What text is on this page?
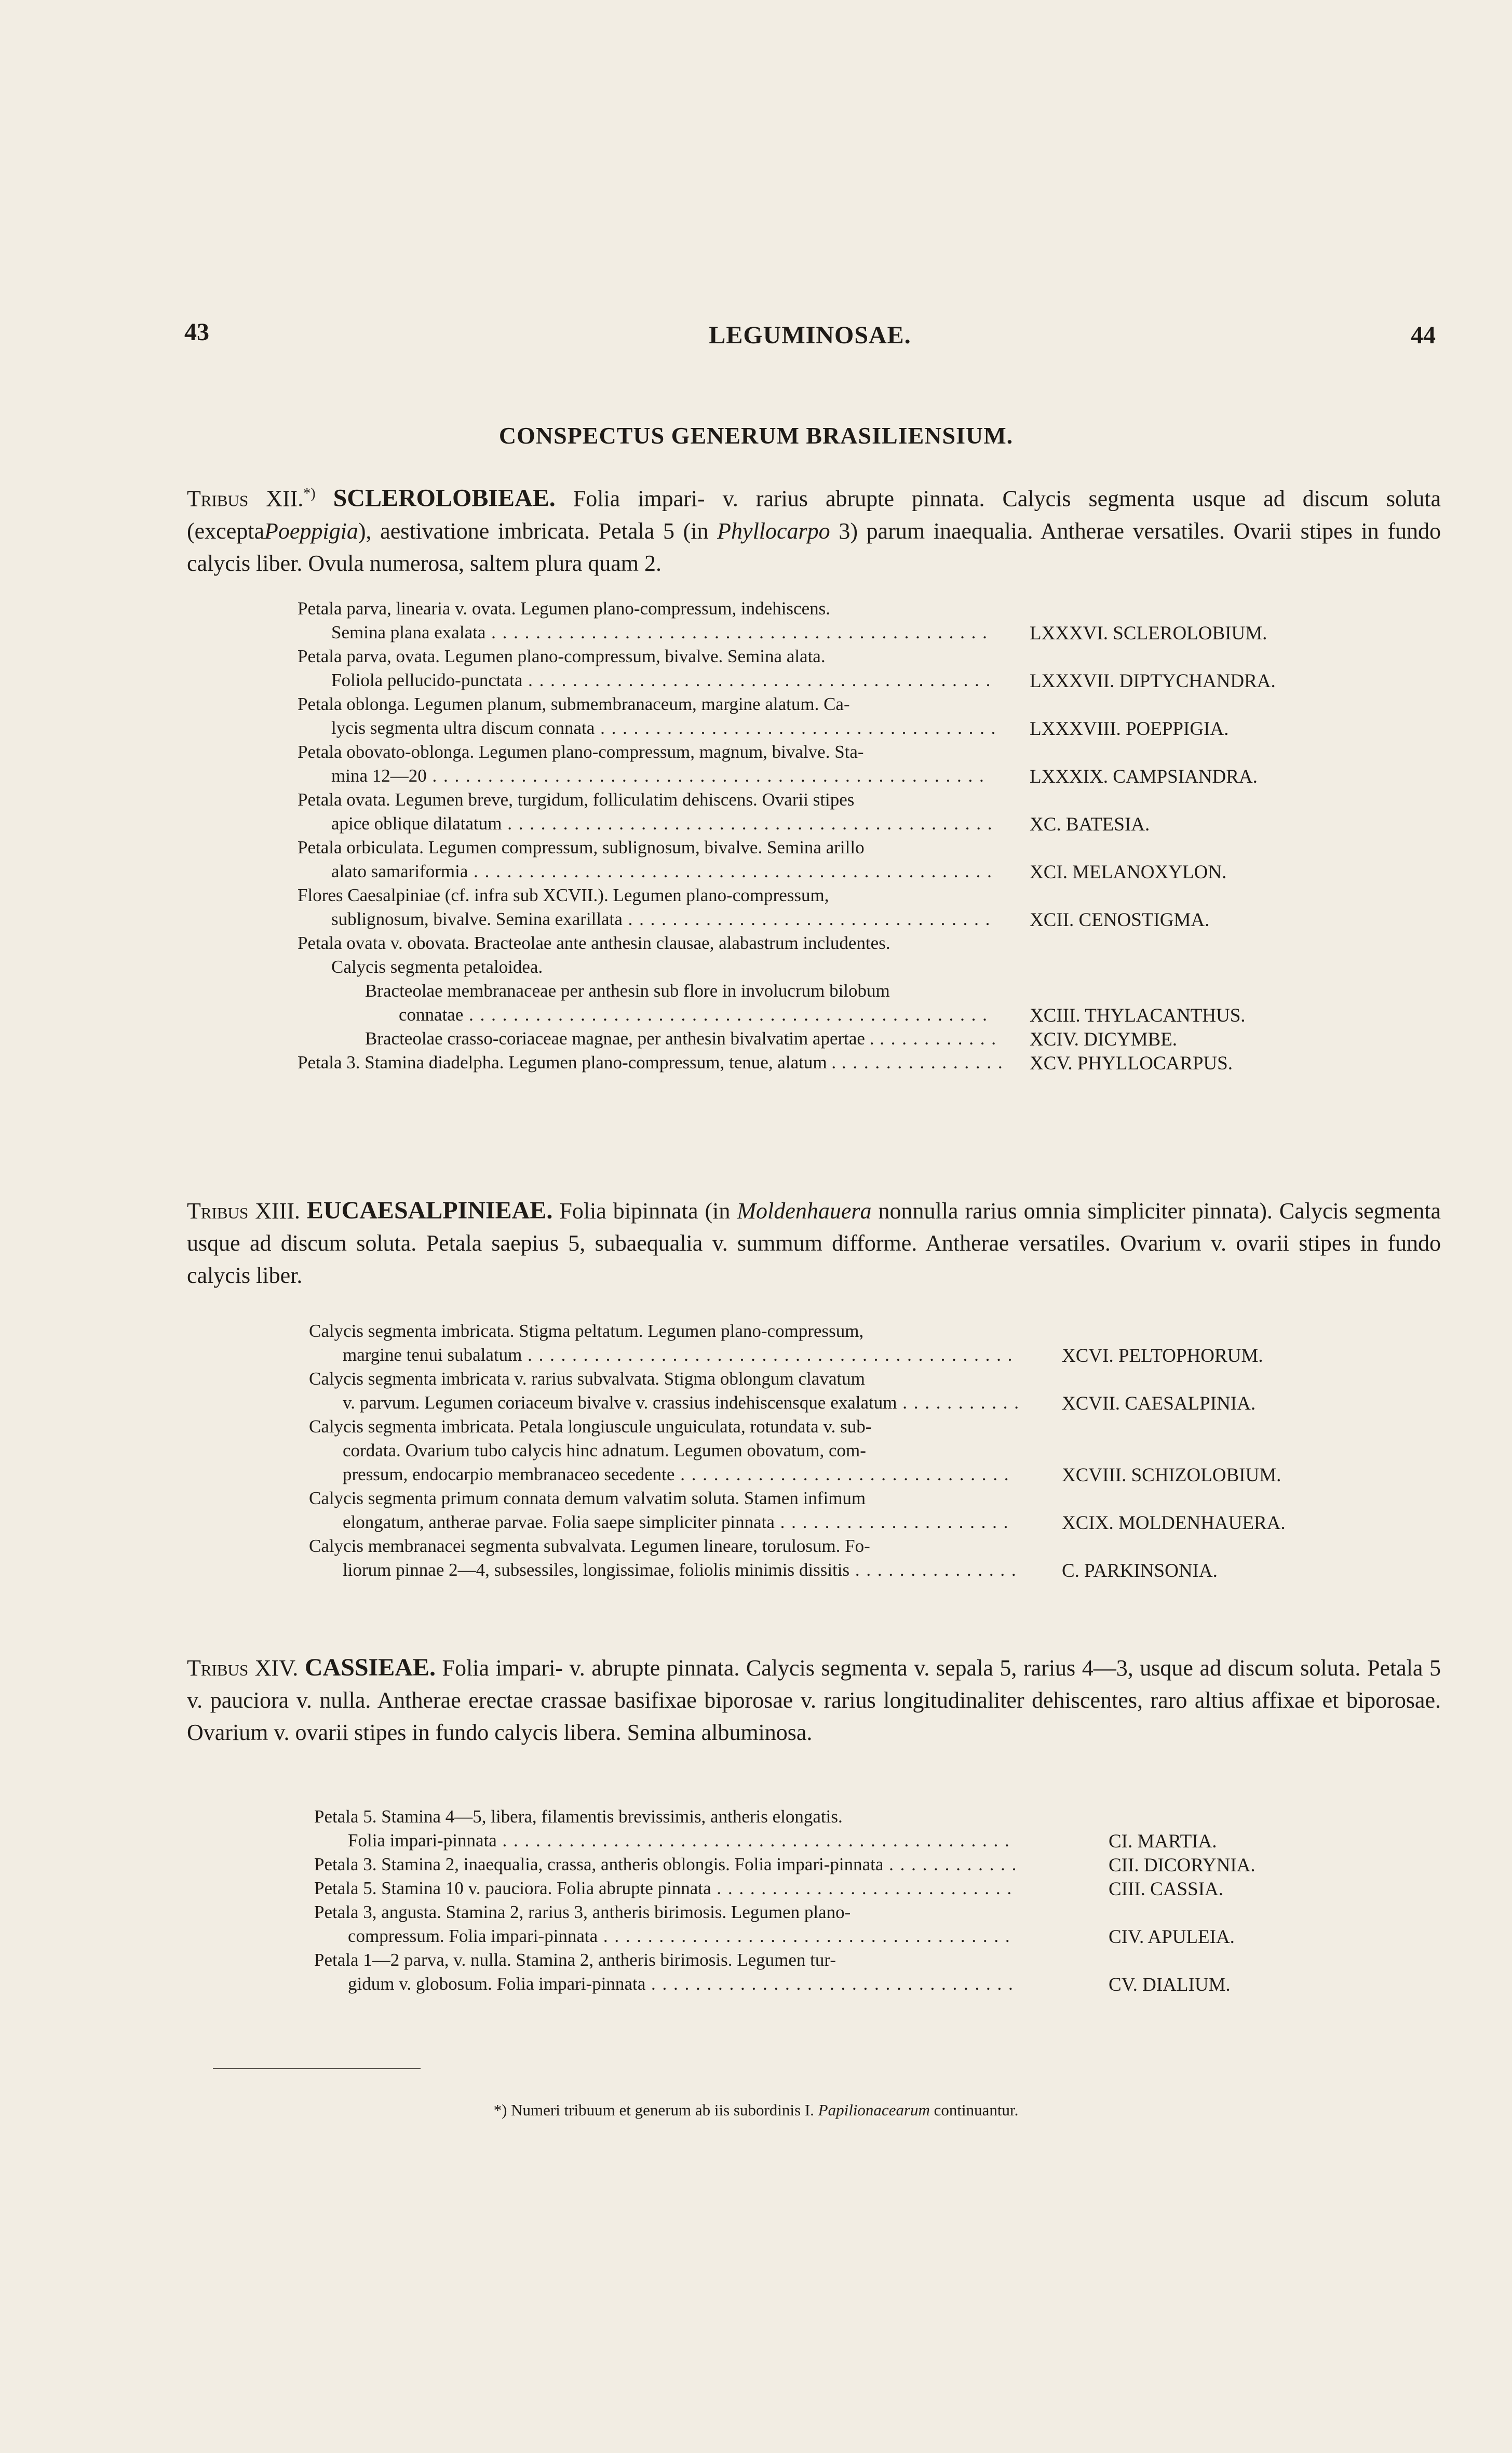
43	LEGUMINOSAE.	44
CONSPECTUS GENERUM BRASILIENSIUM.
Tribus XII.*) SCLEROLOBIEAE. Folia impari- v. rarius abrupte pinnata. Calycis segmenta usque ad discum soluta (exceptaPoeppigia), aestivatione imbricata. Petala 5 (in Phyllocarpo 3) parum inaequalia. Antherae versatiles. Ovarii stipes in fundo calycis liber. Ovula numerosa, saltem plura quam 2.
Petala parva, linearia v. ovata. Legumen plano-compressum, indehiscens.
Semina plana exalata . . . . . . . . . . . . . . . . . . . . . . . . . . . . . . . . . . . . . . . . . . . . . LXXXVI. SCLEROLOBIUM.
Petala parva, ovata. Legumen plano-compressum, bivalve. Semina alata.
Foliola pellucido-punctata . . . . . . . . . . . . . . . . . . . . . . . . . . . . . . . . . . . . . . . . . . LXXXVII. DIPTYCHANDRA.
Petala oblonga. Legumen planum, submembranaceum, margine alatum. Ca-
lycis segmenta ultra discum connata . . . . . . . . . . . . . . . . . . . . . . . . . . . . . . . . . . . . LXXXVIII. POEPPIGIA.
Petala obovato-oblonga. Legumen plano-compressum, magnum, bivalve. Sta-
mina 12—20 . . . . . . . . . . . . . . . . . . . . . . . . . . . . . . . . . . . . . . . . . . . . . . . . . . LXXXIX. CAMPSIANDRA.
Petala ovata. Legumen breve, turgidum, folliculatim dehiscens. Ovarii stipes
apice oblique dilatatum . . . . . . . . . . . . . . . . . . . . . . . . . . . . . . . . . . . . . . . . . . . . XC. BATESIA.
Petala orbiculata. Legumen compressum, sublignosum, bivalve. Semina arillo
alato samariformia . . . . . . . . . . . . . . . . . . . . . . . . . . . . . . . . . . . . . . . . . . . . . . . XCI. MELANOXYLON.
Flores Caesalpiniae (cf. infra sub XCVII.). Legumen plano-compressum,
sublignosum, bivalve. Semina exarillata . . . . . . . . . . . . . . . . . . . . . . . . . . . . . . . . . XCII. CENOSTIGMA.
Petala ovata v. obovata. Bracteolae ante anthesin clausae, alabastrum includentes.
Calycis segmenta petaloidea.
Bracteolae membranaceae per anthesin sub flore in involucrum bilobum
connatae . . . . . . . . . . . . . . . . . . . . . . . . . . . . . . . . . . . . . . . . . . . . . . . XCIII. THYLACANTHUS.
Bracteolae crasso-coriaceae magnae, per anthesin bivalvatim apertae . . . . . . . . . . . . XCIV. DICYMBE.
Petala 3. Stamina diadelpha. Legumen plano-compressum, tenue, alatum . . . . . . . . . . . . . . . . XCV. PHYLLOCARPUS.
Tribus XIII. EUCAESALPINIEAE. Folia bipinnata (in Moldenhauera nonnulla rarius omnia simpliciter pinnata). Calycis segmenta usque ad discum soluta. Petala saepius 5, subaequalia v. summum difforme. Antherae versatiles. Ovarium v. ovarii stipes in fundo calycis liber.
Calycis segmenta imbricata. Stigma peltatum. Legumen plano-compressum,
margine tenui subalatum . . . . . . . . . . . . . . . . . . . . . . . . . . . . . . . . . . . . . . . . . . . .	XCVI. PELTOPHORUM.
Calycis segmenta imbricata v. rarius subvalvata. Stigma oblongum clavatum
v. parvum. Legumen coriaceum bivalve v. crassius indehiscensque exalatum . . . . . . . . . . . XCVII. CAESALPINIA.
Calycis segmenta imbricata. Petala longiuscule unguiculata, rotundata v. sub-
cordata. Ovarium tubo calycis hinc adnatum. Legumen obovatum, com-
pressum, endocarpio membranaceo secedente . . . . . . . . . . . . . . . . . . . . . . . . . . . . . .	XCVIII. SCHIZOLOBIUM.
Calycis segmenta primum connata demum valvatim soluta. Stamen infimum
elongatum, antherae parvae. Folia saepe simpliciter pinnata . . . . . . . . . . . . . . . . . . . . .	XCIX. MOLDENHAUERA.
Calycis membranacei segmenta subvalvata. Legumen lineare, torulosum. Fo-
liorum pinnae 2—4, subsessiles, longissimae, foliolis minimis dissitis . . . . . . . . . . . . . . . C. PARKINSONIA.
Tribus XIV. CASSIEAE. Folia impari- v. abrupte pinnata. Calycis segmenta v. sepala 5, rarius 4—3, usque ad discum soluta. Petala 5 v. pauciora v. nulla. Antherae erectae crassae basifixae biporosae v. rarius longitudinaliter dehiscentes, raro altius affixae et biporosae. Ovarium v. ovarii stipes in fundo calycis libera. Semina albuminosa.
Petala 5. Stamina 4—5, libera, filamentis brevissimis, antheris elongatis.
Folia impari-pinnata . . . . . . . . . . . . . . . . . . . . . . . . . . . . . . . . . . . . . . . . . . . . . .	CI. MARTIA.
Petala 3. Stamina 2, inaequalia, crassa, antheris oblongis. Folia impari-pinnata . . . . . . . . . . . .	CII. DICORYNIA.
Petala 5. Stamina 10 v. pauciora. Folia abrupte pinnata . . . . . . . . . . . . . . . . . . . . . . . . . . .	CIII. CASSIA.
Petala 3, angusta. Stamina 2, rarius 3, antheris birimosis. Legumen plano-
compressum. Folia impari-pinnata . . . . . . . . . . . . . . . . . . . . . . . . . . . . . . . . . . . . .	CIV. APULEIA.
Petala 1—2 parva, v. nulla. Stamina 2, antheris birimosis. Legumen tur-
gidum v. globosum. Folia impari-pinnata . . . . . . . . . . . . . . . . . . . . . . . . . . . . . . . . .	CV. DIALIUM.
*) Numeri tribuum et generum ab iis subordinis I. Papilionacearum continuantur.
